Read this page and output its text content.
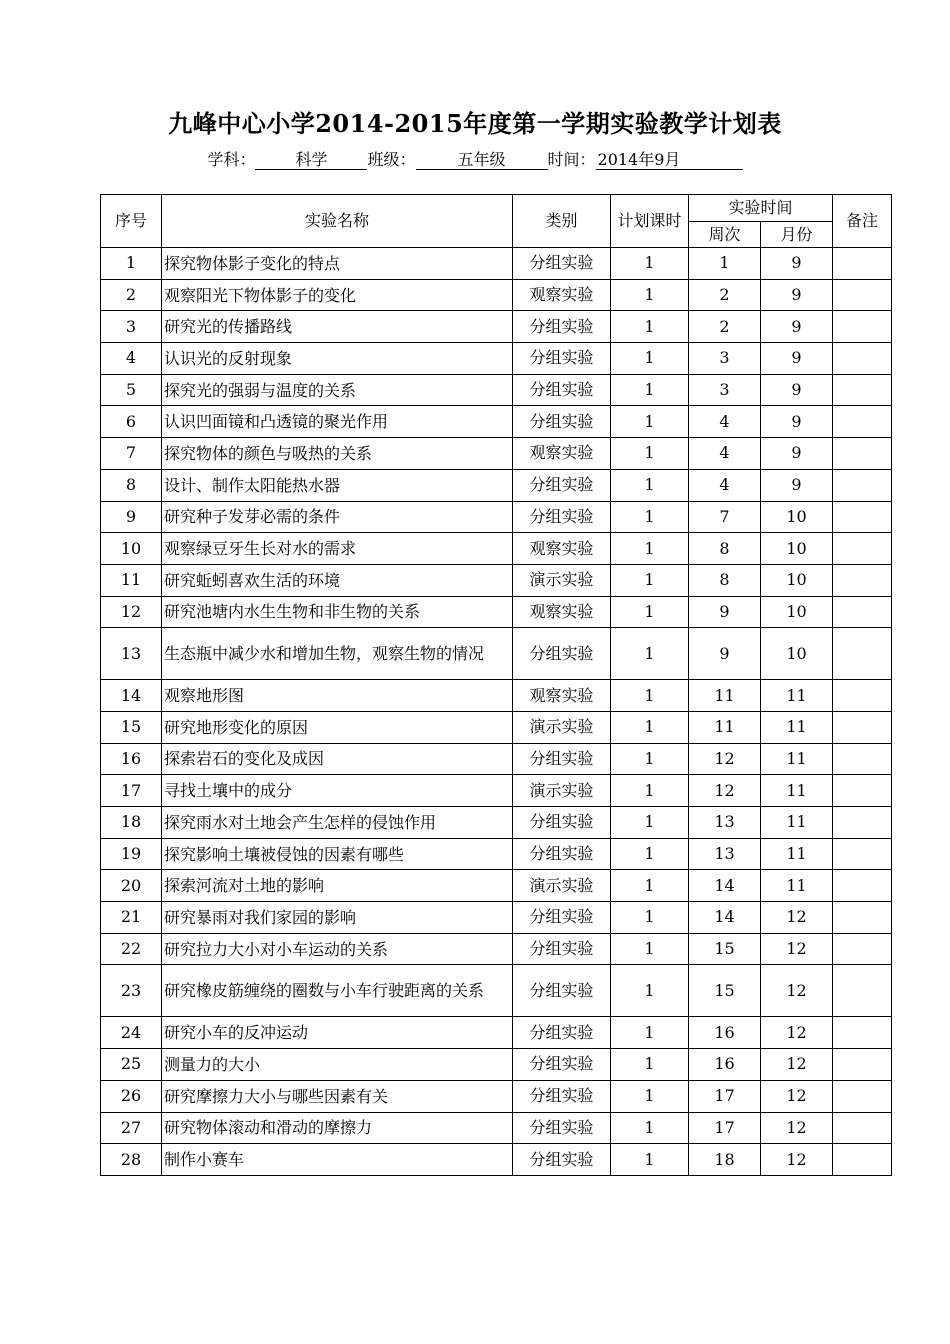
九峰中心小学2014-2015年度第一学期实验教学计划表
学科： 科学	班级：	五年级	时间： 2014年9月
序号	实验名称	类别	计划课时	实验时间		备注
				周次	月份	
1	探究物体影子变化的特点	分组实验	1	1	9	
2	观察阳光下物体影子的变化	观察实验	1	2	9	
3	研究光的传播路线	分组实验	1	2	9	
4	认识光的反射现象	分组实验	1	3	9	
5	探究光的强弱与温度的关系	分组实验	1	3	9	
6	认识凹面镜和凸透镜的聚光作用	分组实验	1	4	9	
7	探究物体的颜色与吸热的关系	观察实验	1	4	9	
8	设计、制作太阳能热水器	分组实验	1	4	9	
9	研究种子发芽必需的条件	分组实验	1	7	10	
10	观察绿豆牙生长对水的需求	观察实验	1	8	10	
11	研究蚯蚓喜欢生活的环境	演示实验	1	8	10	
12	研究池塘内水生生物和非生物的关系	观察实验	1	9	10	
13	生态瓶中减少水和增加生物，观察生物的情况	分组实验	1	9	10	
14	观察地形图	观察实验	1	11	11	
15	研究地形变化的原因	演示实验	1	11	11	
16	探索岩石的变化及成因	分组实验	1	12	11	
17	寻找土壤中的成分	演示实验	1	12	11	
18	探究雨水对土地会产生怎样的侵蚀作用	分组实验	1	13	11	
19	探究影响土壤被侵蚀的因素有哪些	分组实验	1	13	11	
20	探索河流对土地的影响	演示实验	1	14	11	
21	研究暴雨对我们家园的影响	分组实验	1	14	12	
22	研究拉力大小对小车运动的关系	分组实验	1	15	12	
23	研究橡皮筋缠绕的圈数与小车行驶距离的关系	分组实验	1	15	12	
24	研究小车的反冲运动	分组实验	1	16	12	
25	测量力的大小	分组实验	1	16	12	
26	研究摩擦力大小与哪些因素有关	分组实验	1	17	12	
27	研究物体滚动和滑动的摩擦力	分组实验	1	17	12	
28	制作小赛车	分组实验	1	18	12	
